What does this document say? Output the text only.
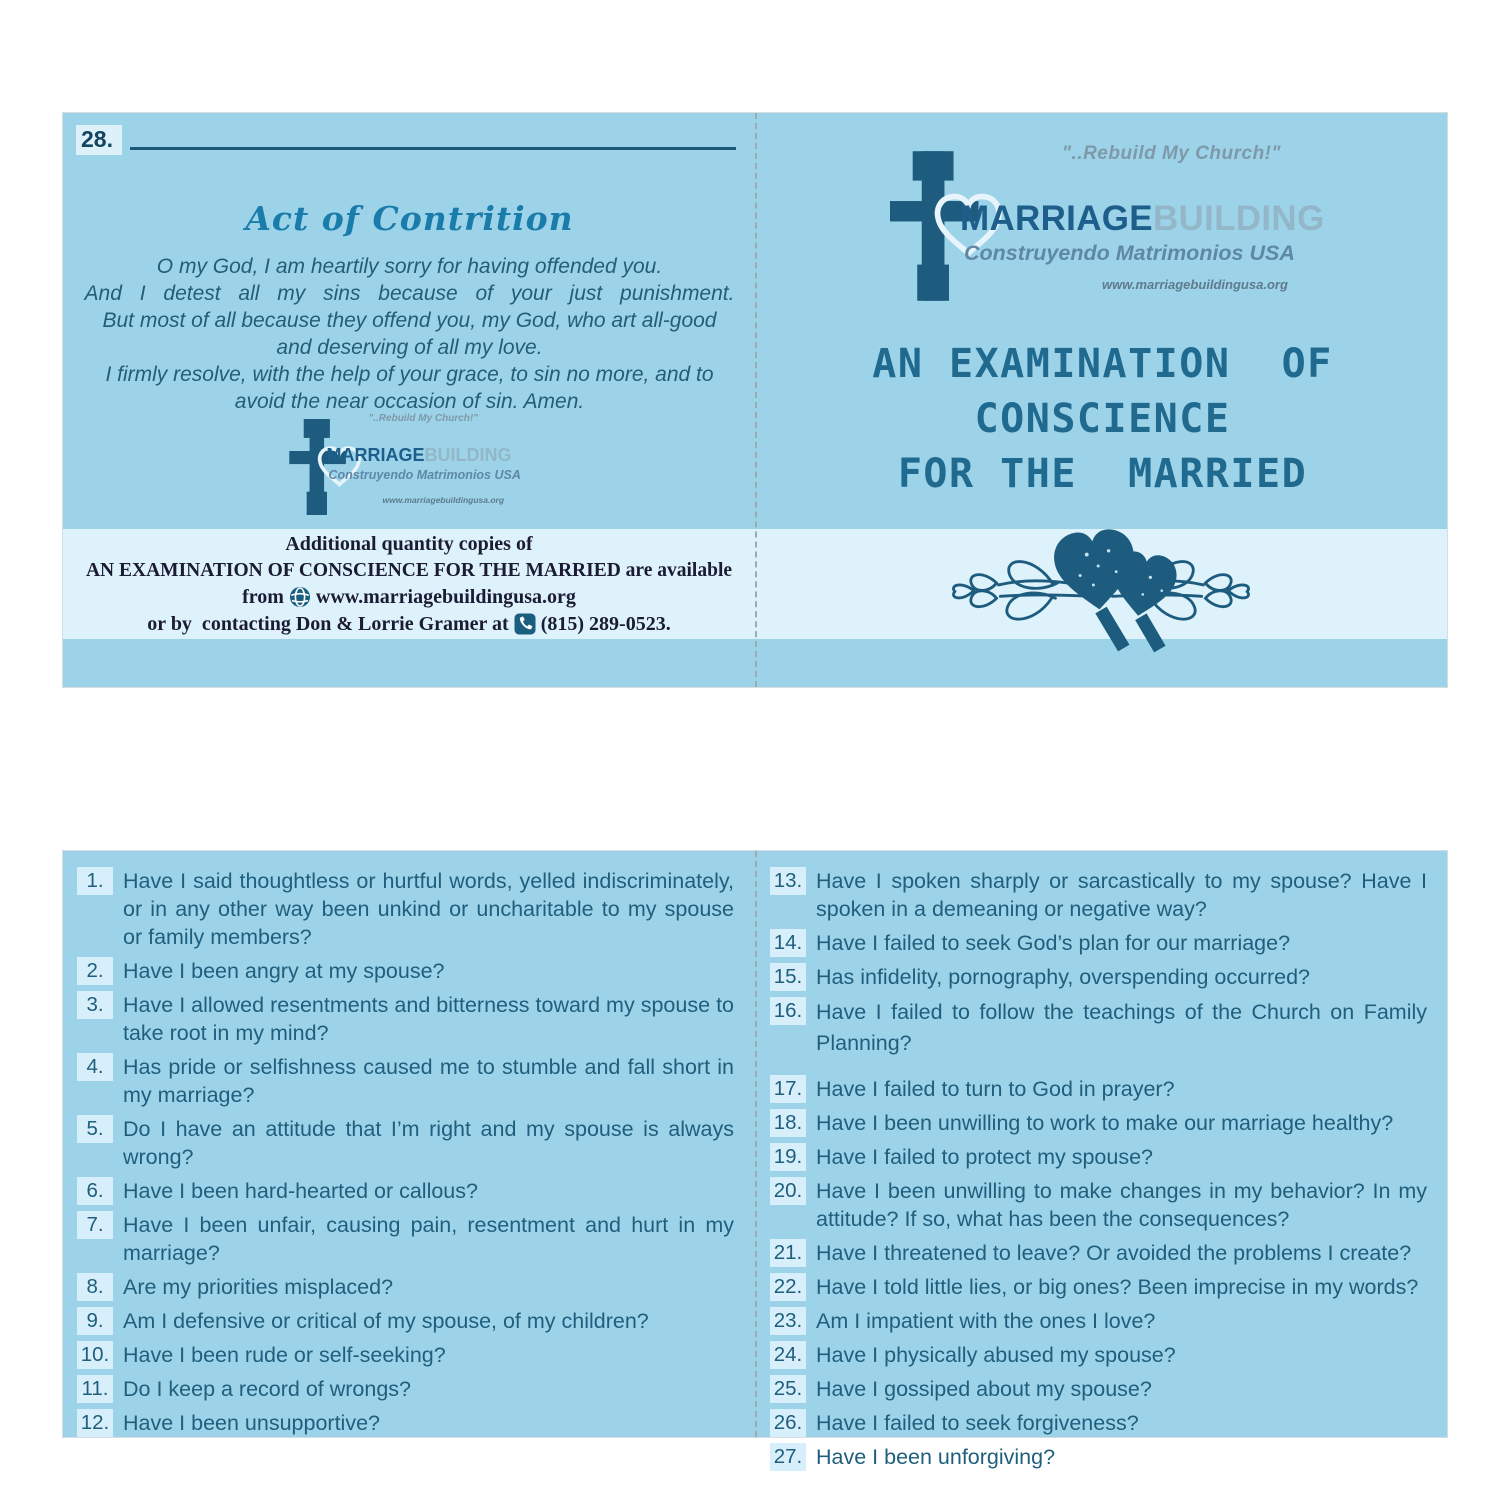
28.
Act of Contrition
O my God, I am heartily sorry for having offended you.
And I detest all my sins because of your just punishment.
But most of all because they offend you, my God, who art all-good
and deserving of all my love.
I firmly resolve, with the help of your grace, to sin no more, and to
avoid the near occasion of sin. Amen.
"..Rebuild My Church!"
MARRIAGEBUILDING
Construyendo Matrimonios USA
www.marriagebuildingusa.org
"..Rebuild My Church!"
MARRIAGEBUILDING
Construyendo Matrimonios USA
www.marriagebuildingusa.org
AN EXAMINATION  OF
CONSCIENCE
FOR THE  MARRIED
Additional quantity copies of
AN EXAMINATION OF CONSCIENCE FOR THE MARRIED are available
from www.marriagebuildingusa.org
or by  contacting Don & Lorrie Gramer at (815) 289-0523.
1. Have I said thoughtless or hurtful words, yelled indiscriminately, or in any other way been unkind or uncharitable to my spouse or family members?
2. Have I been angry at my spouse?
3. Have I allowed resentments and bitterness toward my spouse to take root in my mind?
4. Has pride or selfishness caused me to stumble and fall short in my marriage?
5. Do I have an attitude that I’m right and my spouse is always wrong?
6. Have I been hard-hearted or callous?
7. Have I been unfair, causing pain, resentment and hurt in my marriage?
8. Are my priorities misplaced?
9. Am I defensive or critical of my spouse, of my children?
10. Have I been rude or self-seeking?
11. Do I keep a record of wrongs?
12. Have I been unsupportive?
13. Have I spoken sharply or sarcastically to my spouse? Have I spoken in a demeaning or negative way?
14. Have I failed to seek God’s plan for our marriage?
15. Has infidelity, pornography, overspending occurred?
16. Have I failed to follow the teachings of the Church on Family Planning?
17. Have I failed to turn to God in prayer?
18. Have I been unwilling to work to make our marriage healthy?
19. Have I failed to protect my spouse?
20. Have I been unwilling to make changes in my behavior? In my attitude? If so, what has been the consequences?
21. Have I threatened to leave? Or avoided the problems I create?
22. Have I told little lies, or big ones? Been imprecise in my words?
23. Am I impatient with the ones I love?
24. Have I physically abused my spouse?
25. Have I gossiped about my spouse?
26. Have I failed to seek forgiveness?
27. Have I been unforgiving?
